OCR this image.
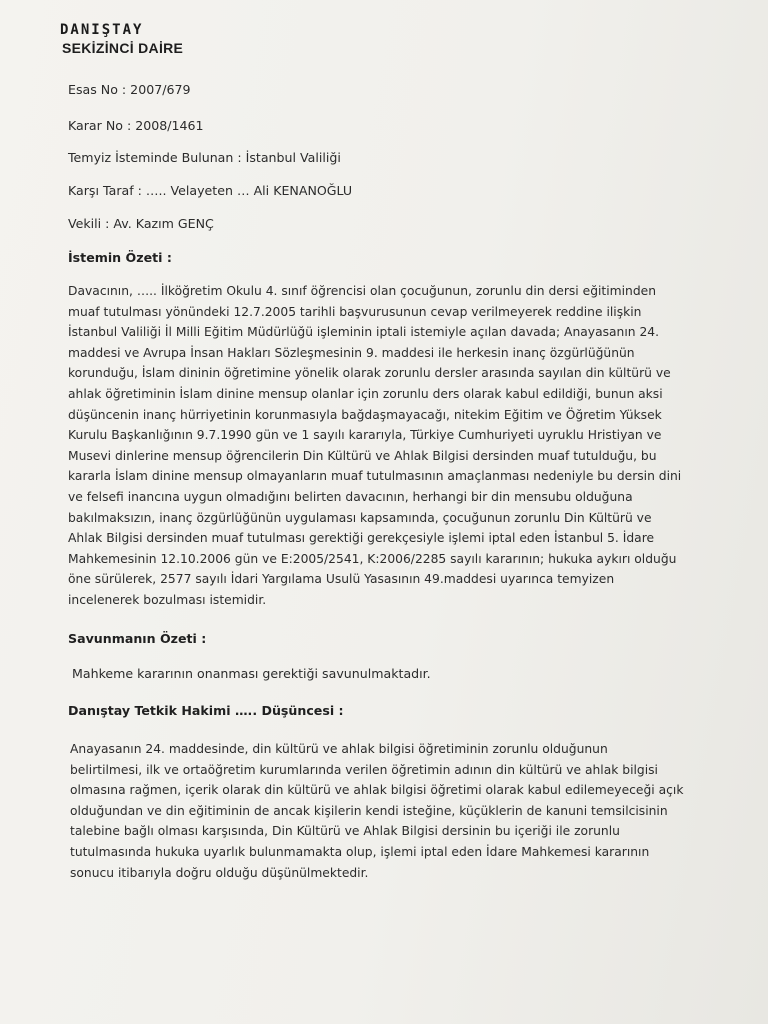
DANIŞTAY
SEKİZİNCİ DAİRE
Esas No : 2007/679
Karar No : 2008/1461
Temyiz İsteminde Bulunan : İstanbul Valiliği
Karşı Taraf : ….. Velayeten … Ali KENANOĞLU
Vekili : Av. Kazım GENÇ
İstemin Özeti :
Davacının, ….. İlköğretim Okulu 4. sınıf öğrencisi olan çocuğunun, zorunlu din dersi eğitiminden
muaf tutulması yönündeki 12.7.2005 tarihli başvurusunun cevap verilmeyerek reddine ilişkin
İstanbul Valiliği İl Milli Eğitim Müdürlüğü işleminin iptali istemiyle açılan davada; Anayasanın 24.
maddesi ve Avrupa İnsan Hakları Sözleşmesinin 9. maddesi ile herkesin inanç özgürlüğünün
korunduğu, İslam dininin öğretimine yönelik olarak zorunlu dersler arasında sayılan din kültürü ve
ahlak öğretiminin İslam dinine mensup olanlar için zorunlu ders olarak kabul edildiği, bunun aksi
düşüncenin inanç hürriyetinin korunmasıyla bağdaşmayacağı, nitekim Eğitim ve Öğretim Yüksek
Kurulu Başkanlığının 9.7.1990 gün ve 1 sayılı kararıyla, Türkiye Cumhuriyeti uyruklu Hristiyan ve
Musevi dinlerine mensup öğrencilerin Din Kültürü ve Ahlak Bilgisi dersinden muaf tutulduğu, bu
kararla İslam dinine mensup olmayanların muaf tutulmasının amaçlanması nedeniyle bu dersin dini
ve felsefi inancına uygun olmadığını belirten davacının, herhangi bir din mensubu olduğuna
bakılmaksızın, inanç özgürlüğünün uygulaması kapsamında, çocuğunun zorunlu Din Kültürü ve
Ahlak Bilgisi dersinden muaf tutulması gerektiği gerekçesiyle işlemi iptal eden İstanbul 5. İdare
Mahkemesinin 12.10.2006 gün ve E:2005/2541, K:2006/2285 sayılı kararının; hukuka aykırı olduğu
öne sürülerek, 2577 sayılı İdari Yargılama Usulü Yasasının 49.maddesi uyarınca temyizen
incelenerek bozulması istemidir.
Savunmanın Özeti :
Mahkeme kararının onanması gerektiği savunulmaktadır.
Danıştay Tetkik Hakimi ….. Düşüncesi :
Anayasanın 24. maddesinde, din kültürü ve ahlak bilgisi öğretiminin zorunlu olduğunun
belirtilmesi, ilk ve ortaöğretim kurumlarında verilen öğretimin adının din kültürü ve ahlak bilgisi
olmasına rağmen, içerik olarak din kültürü ve ahlak bilgisi öğretimi olarak kabul edilemeyeceği açık
olduğundan ve din eğitiminin de ancak kişilerin kendi isteğine, küçüklerin de kanuni temsilcisinin
talebine bağlı olması karşısında, Din Kültürü ve Ahlak Bilgisi dersinin bu içeriği ile zorunlu
tutulmasında hukuka uyarlık bulunmamakta olup, işlemi iptal eden İdare Mahkemesi kararının
sonucu itibarıyla doğru olduğu düşünülmektedir.
